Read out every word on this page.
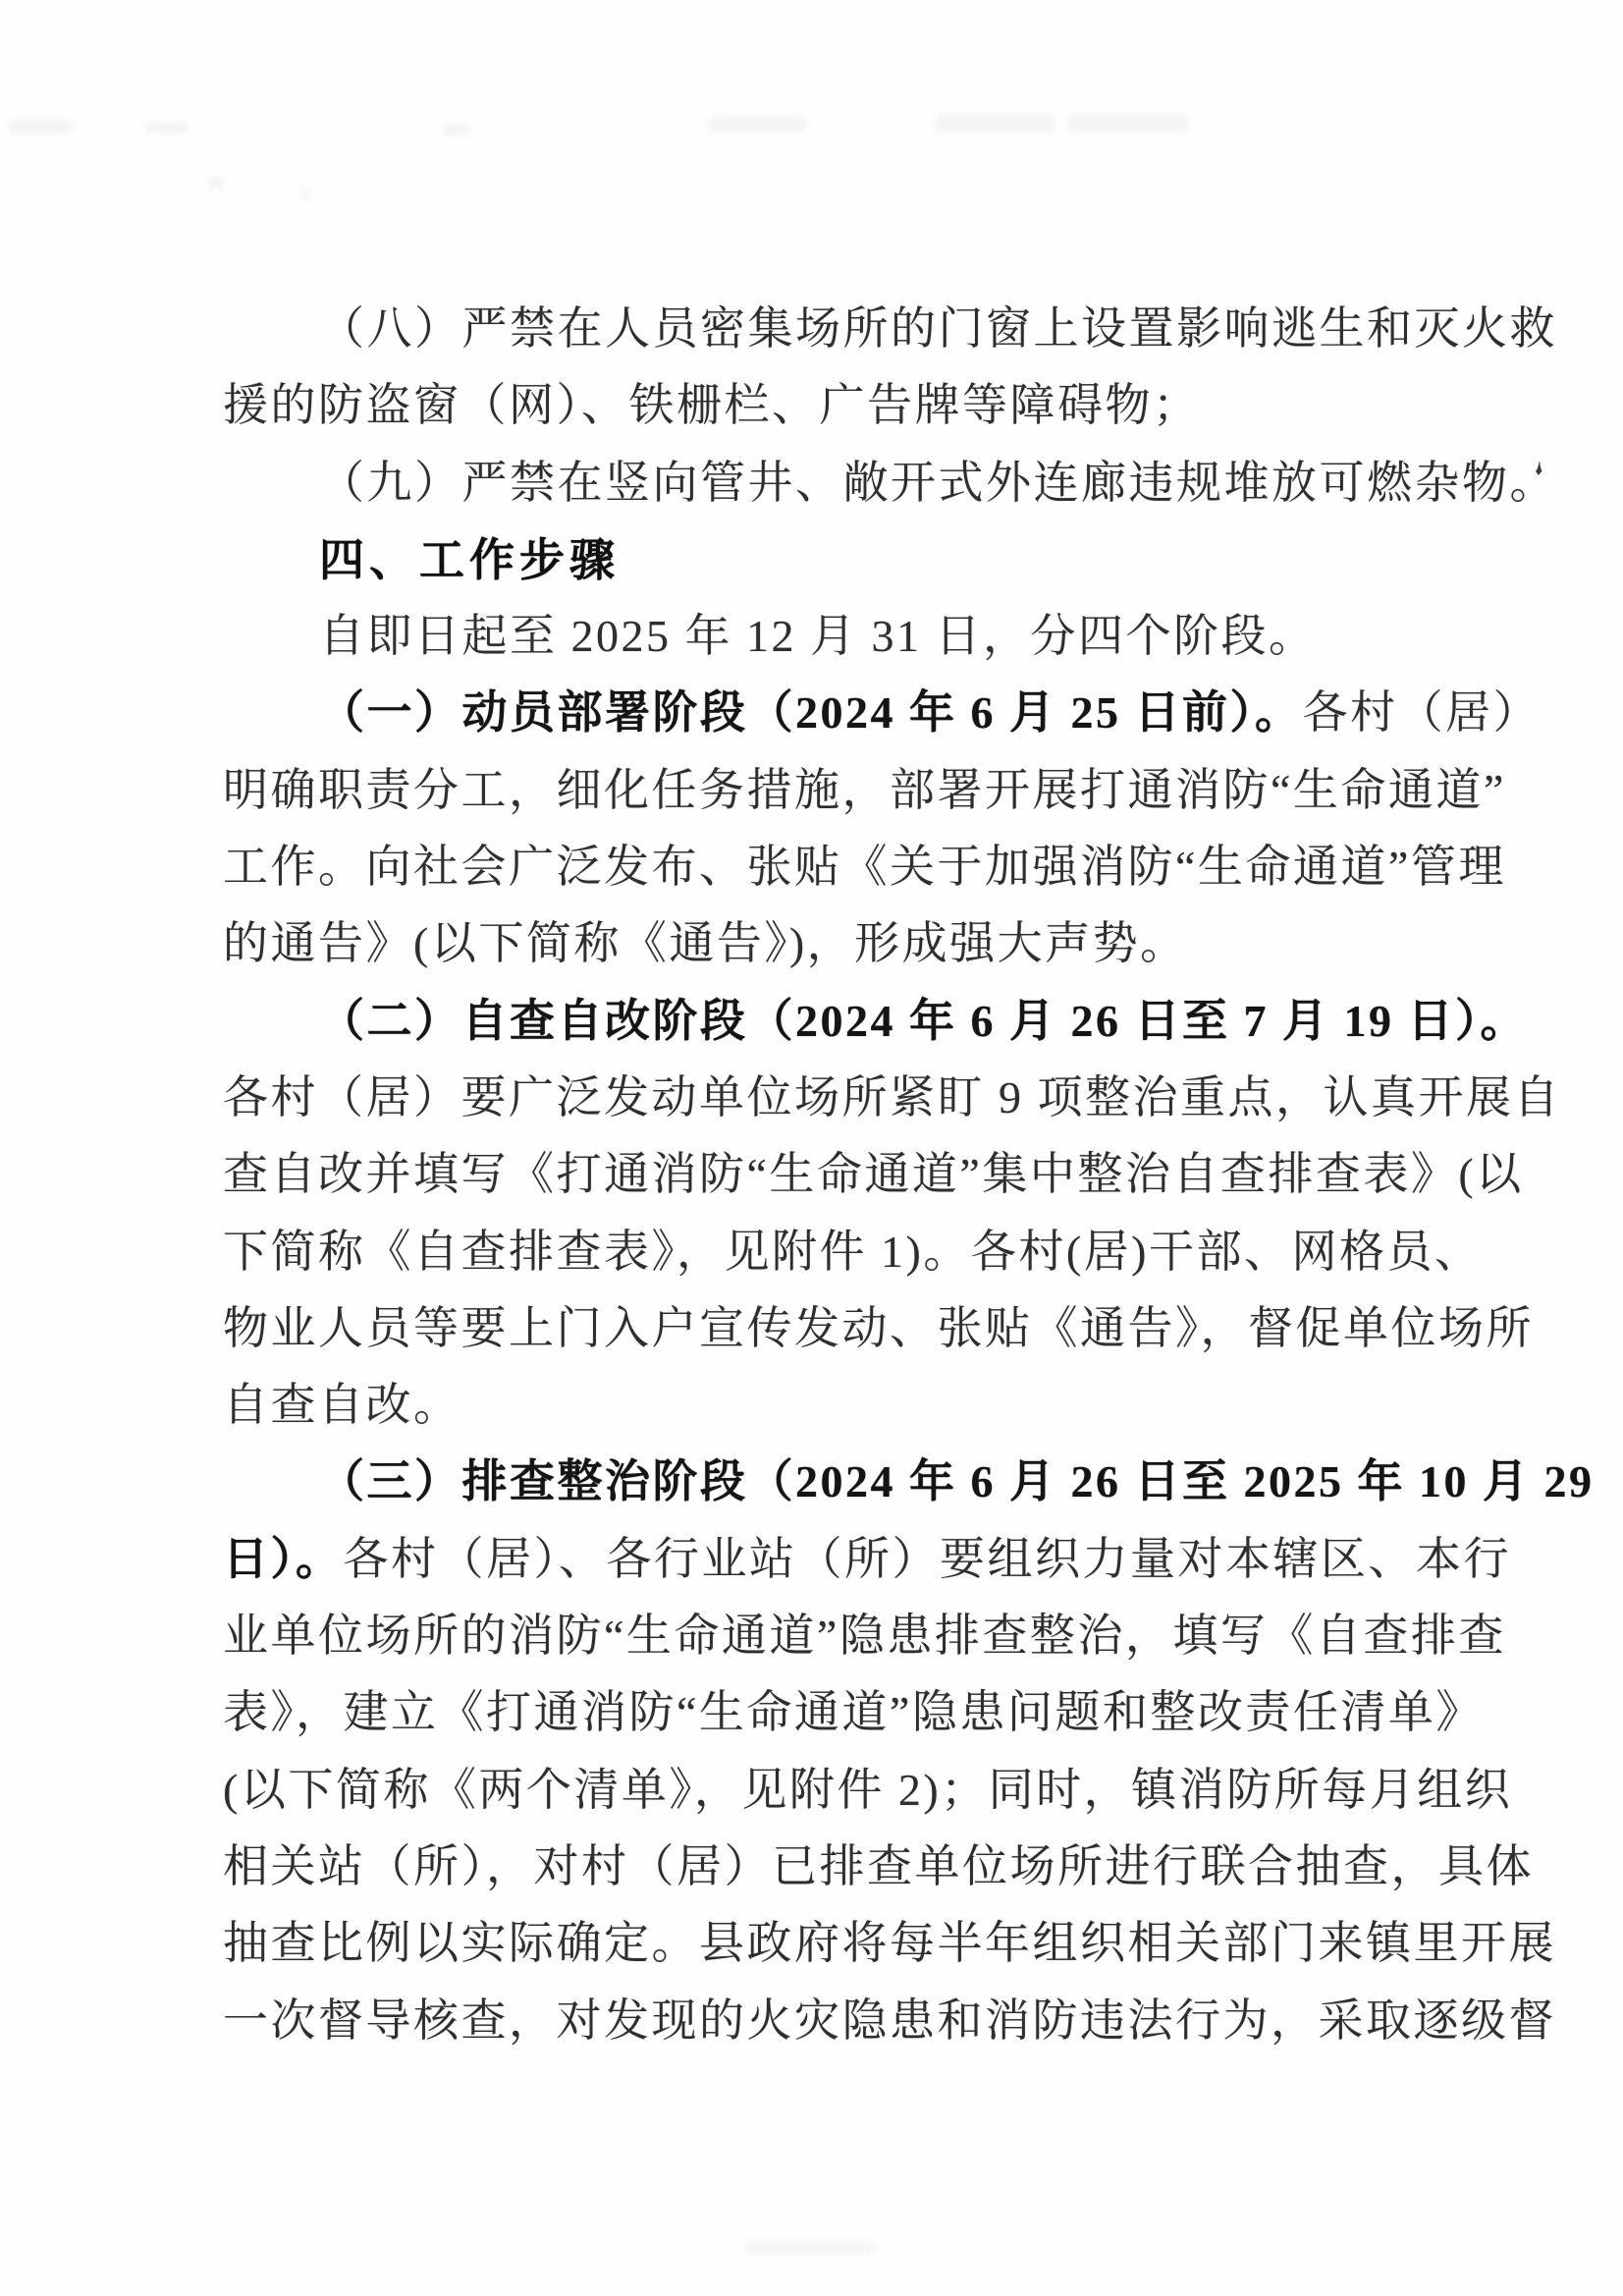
（八）严禁在人员密集场所的门窗上设置影响逃生和灭火救
援的防盗窗（网）、铁栅栏、广告牌等障碍物；
（九）严禁在竖向管井、敞开式外连廊违规堆放可燃杂物。
四、工作步骤
自即日起至 2025 年 12 月 31 日，分四个阶段。
（一）动员部署阶段（2024 年 6 月 25 日前）。各村（居）
明确职责分工，细化任务措施，部署开展打通消防“生命通道”
工作。向社会广泛发布、张贴《关于加强消防“生命通道”管理
的通告》(以下简称《通告》)，形成强大声势。
（二）自查自改阶段（2024 年 6 月 26 日至 7 月 19 日）。
各村（居）要广泛发动单位场所紧盯 9 项整治重点，认真开展自
查自改并填写《打通消防“生命通道”集中整治自查排查表》(以
下简称《自查排查表》，见附件 1)。各村(居)干部、网格员、
物业人员等要上门入户宣传发动、张贴《通告》，督促单位场所
自查自改。
（三）排查整治阶段（2024 年 6 月 26 日至 2025 年 10 月 29
日）。各村（居）、各行业站（所）要组织力量对本辖区、本行
业单位场所的消防“生命通道”隐患排查整治，填写《自查排查
表》，建立《打通消防“生命通道”隐患问题和整改责任清单》
(以下简称《两个清单》，见附件 2)；同时，镇消防所每月组织
相关站（所），对村（居）已排查单位场所进行联合抽查，具体
抽查比例以实际确定。县政府将每半年组织相关部门来镇里开展
一次督导核查，对发现的火灾隐患和消防违法行为，采取逐级督
